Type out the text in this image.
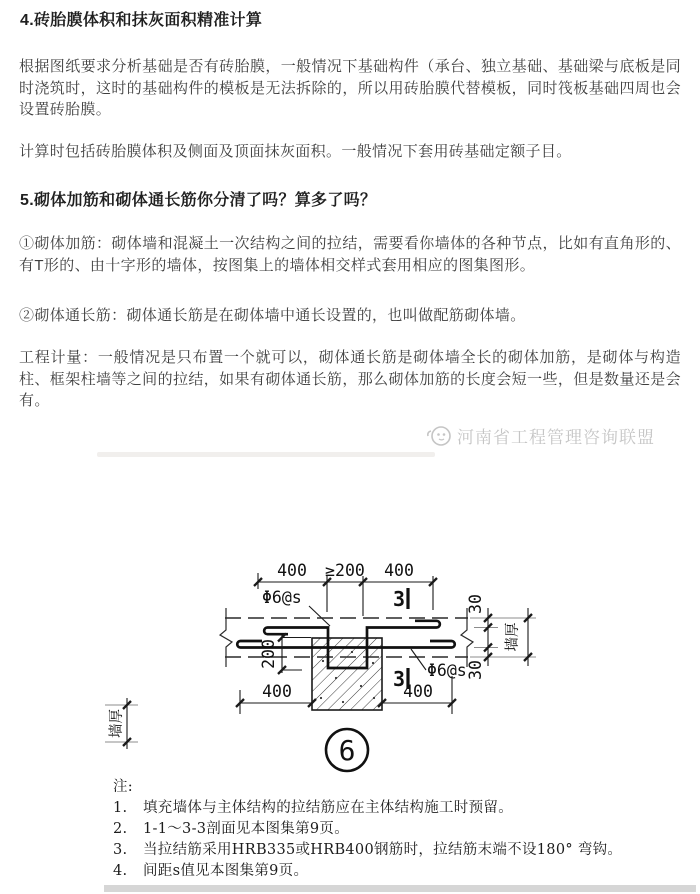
4.砖胎膜体积和抹灰面积精准计算

根据图纸要求分析基础是否有砖胎膜，一般情况下基础构件（承台、独立基础、基础梁与底板是同时浇筑时，这时的基础构件的模板是无法拆除的，所以用砖胎膜代替模板，同时筏板基础四周也会设置砖胎膜。

计算时包括砖胎膜体积及侧面及顶面抹灰面积。一般情况下套用砖基础定额子目。

5.砌体加筋和砌体通长筋你分清了吗？算多了吗？

①砌体加筋：砌体墙和混凝土一次结构之间的拉结，需要看你墙体的各种节点，比如有直角形的、有T形的、由十字形的墙体，按图集上的墙体相交样式套用相应的图集图形。

②砌体通长筋：砌体通长筋是在砌体墙中通长设置的，也叫做配筋砌体墙。

工程计量：一般情况是只布置一个就可以，砌体通长筋是砌体墙全长的砌体加筋，是砌体与构造柱、框架柱墙等之间的拉结，如果有砌体通长筋，那么砌体加筋的长度会短一些，但是数量还是会有。

河南省工程管理咨询联盟
400 ≥200 400
Φ6@s	3
200
400	400
3 Φ6@s
30
30
墙厚
墙厚
6
注:
1. 填充墙体与主体结构的拉结筋应在主体结构施工时预留。
2. 1-1～3-3剖面见本图集第9页。
3. 当拉结筋采用HRB335或HRB400钢筋时，拉结筋末端不设180° 弯钩。
4. 间距s值见本图集第9页。
